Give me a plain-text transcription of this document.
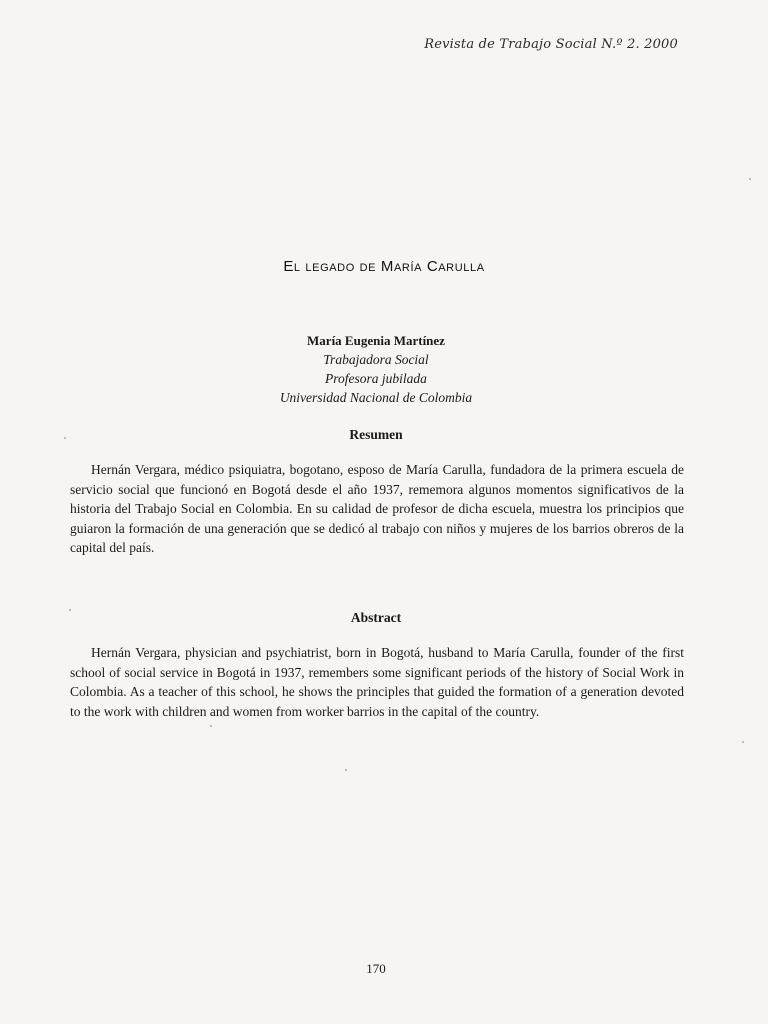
Revista de Trabajo Social N.º 2. 2000
El legado de María Carulla
María Eugenia Martínez
Trabajadora Social
Profesora jubilada
Universidad Nacional de Colombia
Resumen
Hernán Vergara, médico psiquiatra, bogotano, esposo de María Carulla, fundadora de la primera escuela de servicio social que funcionó en Bogotá desde el año 1937, rememora algunos momentos significativos de la historia del Trabajo Social en Colombia. En su calidad de profesor de dicha escuela, muestra los principios que guiaron la formación de una generación que se dedicó al trabajo con niños y mujeres de los barrios obreros de la capital del país.
Abstract
Hernán Vergara, physician and psychiatrist, born in Bogotá, husband to María Carulla, founder of the first school of social service in Bogotá in 1937, remembers some significant periods of the history of Social Work in Colombia. As a teacher of this school, he shows the principles that guided the formation of a generation devoted to the work with children and women from worker barrios in the capital of the country.
170
